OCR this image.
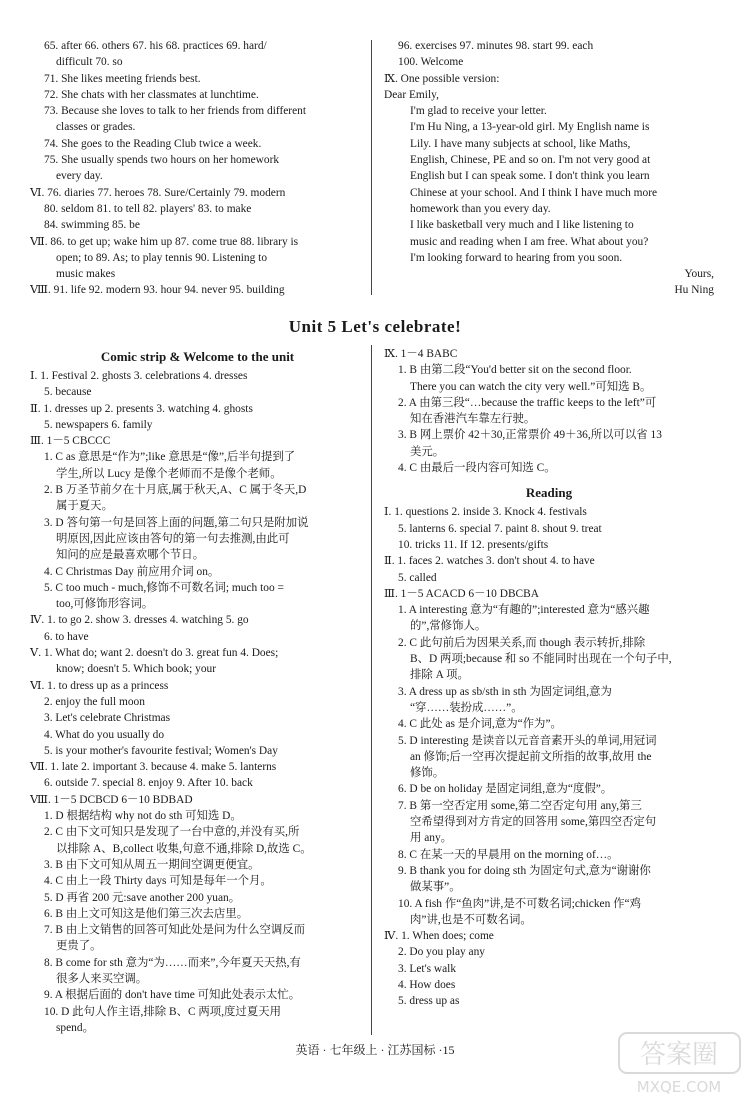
65. after 66. others 67. his 68. practices 69. hard/
difficult 70. so
71. She likes meeting friends best.
72. She chats with her classmates at lunchtime.
73. Because she loves to talk to her friends from different
classes or grades.
74. She goes to the Reading Club twice a week.
75. She usually spends two hours on her homework
every day.
Ⅵ. 76. diaries 77. heroes 78. Sure/Certainly 79. modern
80. seldom 81. to tell 82. players' 83. to make
84. swimming 85. be
Ⅶ. 86. to get up; wake him up 87. come true 88. library is
open; to 89. As; to play tennis 90. Listening to
music makes
Ⅷ. 91. life 92. modern 93. hour 94. never 95. building
96. exercises 97. minutes 98. start 99. each
100. Welcome
Ⅸ. One possible version:
Dear Emily,
I'm glad to receive your letter.
I'm Hu Ning, a 13-year-old girl. My English name is
Lily. I have many subjects at school, like Maths,
English, Chinese, PE and so on. I'm not very good at
English but I can speak some. I don't think you learn
Chinese at your school. And I think I have much more
homework than you every day.
I like basketball very much and I like listening to
music and reading when I am free. What about you?
I'm looking forward to hearing from you soon.
Yours,
Hu Ning
Unit 5 Let's celebrate!
Comic strip & Welcome to the unit
Ⅰ. 1. Festival 2. ghosts 3. celebrations 4. dresses
5. because
Ⅱ. 1. dresses up 2. presents 3. watching 4. ghosts
5. newspapers 6. family
Ⅲ. 1－5 CBCCC
1. C as 意思是“作为”;like 意思是“像”,后半句提到了
学生,所以 Lucy 是像个老师而不是像个老师。
2. B 万圣节前夕在十月底,属于秋天,A、C 属于冬天,D
属于夏天。
3. D 答句第一句是回答上面的问题,第二句只是附加说
明原因,因此应该由答句的第一句去推测,由此可
知问的应是最喜欢哪个节日。
4. C Christmas Day 前应用介词 on。
5. C too much - much,修饰不可数名词; much too =
too,可修饰形容词。
Ⅳ. 1. to go 2. show 3. dresses 4. watching 5. go
6. to have
Ⅴ. 1. What do; want 2. doesn't do 3. great fun 4. Does;
know; doesn't 5. Which book; your
Ⅵ. 1. to dress up as a princess
2. enjoy the full moon
3. Let's celebrate Christmas
4. What do you usually do
5. is your mother's favourite festival; Women's Day
Ⅶ. 1. late 2. important 3. because 4. make 5. lanterns
6. outside 7. special 8. enjoy 9. After 10. back
Ⅷ. 1－5 DCBCD 6－10 BDBAD
1. D 根据结构 why not do sth 可知选 D。
2. C 由下文可知只是发现了一台中意的,并没有买,所
以排除 A、B,collect 收集,句意不通,排除 D,故选 C。
3. B 由下文可知从周五一期间空调更便宜。
4. C 由上一段 Thirty days 可知是每年一个月。
5. D 再省 200 元:save another 200 yuan。
6. B 由上文可知这是他们第三次去店里。
7. B 由上文销售的回答可知此处是问为什么空调反而
更贵了。
8. B come for sth 意为“为……而来”,今年夏天天热,有
很多人来买空调。
9. A 根据后面的 don't have time 可知此处表示太忙。
10. D 此句人作主语,排除 B、C 两项,度过夏天用
spend。
Ⅸ. 1－4 BABC
1. B 由第二段“You'd better sit on the second floor.
There you can watch the city very well.”可知选 B。
2. A 由第三段“…because the traffic keeps to the left”可
知在香港汽车靠左行驶。
3. B 网上票价 42＋30,正常票价 49＋36,所以可以省 13
美元。
4. C 由最后一段内容可知选 C。
Reading
Ⅰ. 1. questions 2. inside 3. Knock 4. festivals
5. lanterns 6. special 7. paint 8. shout 9. treat
10. tricks 11. If 12. presents/gifts
Ⅱ. 1. faces 2. watches 3. don't shout 4. to have
5. called
Ⅲ. 1－5 ACACD 6－10 DBCBA
1. A interesting 意为“有趣的”;interested 意为“感兴趣
的”,常修饰人。
2. C 此句前后为因果关系,而 though 表示转折,排除
B、D 两项;because 和 so 不能同时出现在一个句子中,
排除 A 项。
3. A dress up as sb/sth in sth 为固定词组,意为
“穿……装扮成……”。
4. C 此处 as 是介词,意为“作为”。
5. D interesting 是读音以元音音素开头的单词,用冠词
an 修饰;后一空再次提起前文所指的故事,故用 the
修饰。
6. D be on holiday 是固定词组,意为“度假”。
7. B 第一空否定用 some,第二空否定句用 any,第三
空希望得到对方肯定的回答用 some,第四空否定句
用 any。
8. C 在某一天的早晨用 on the morning of…。
9. B thank you for doing sth 为固定句式,意为“谢谢你
做某事”。
10. A fish 作“鱼肉”讲,是不可数名词;chicken 作“鸡
肉”讲,也是不可数名词。
Ⅳ. 1. When does; come
2. Do you play any
3. Let's walk
4. How does
5. dress up as
英语 · 七年级上 · 江苏国标 ·15	答案圈
MXQE.COM
